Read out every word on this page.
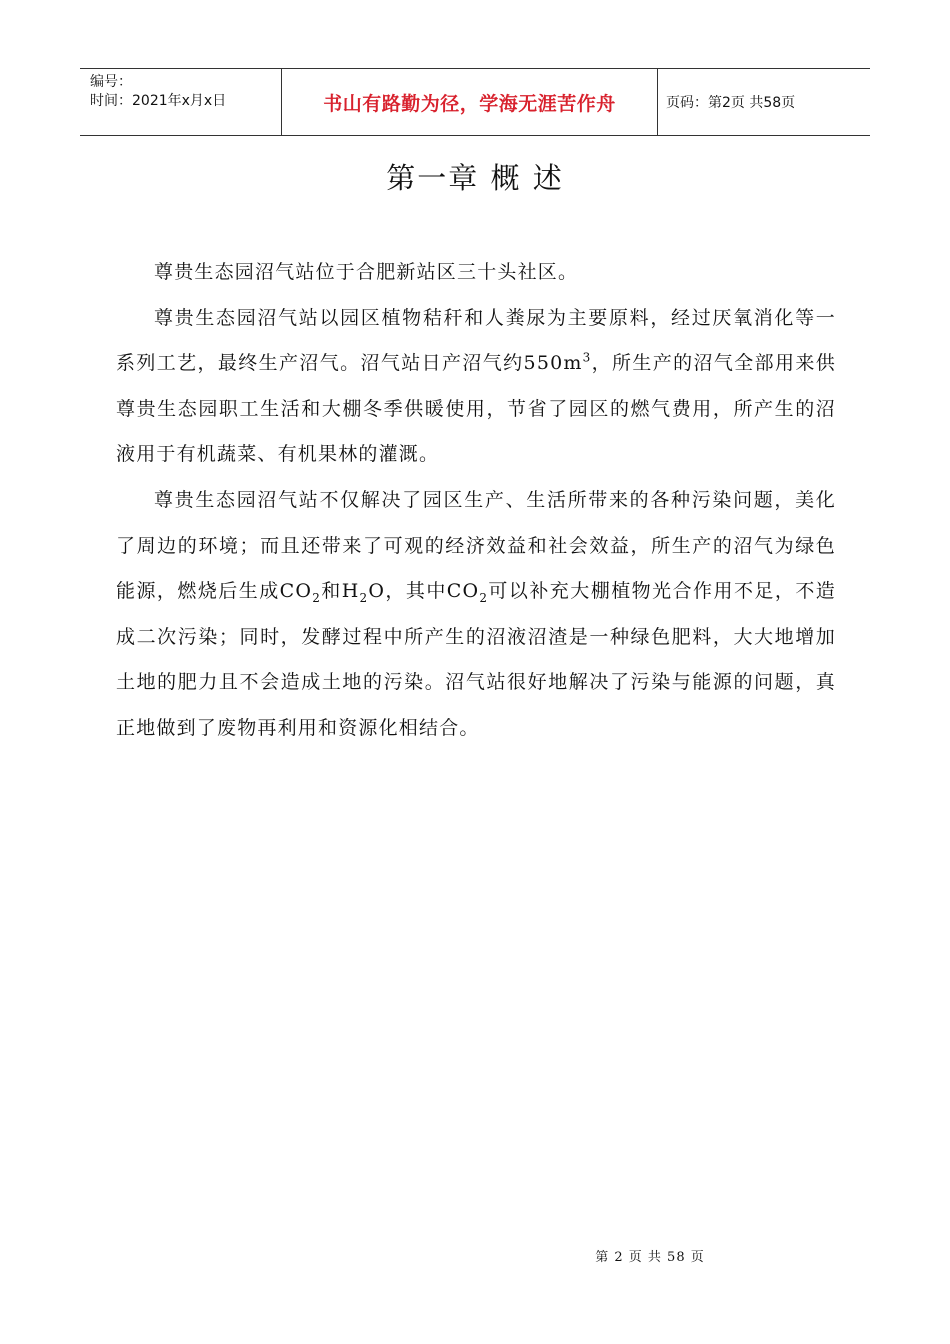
编号：
时间：2021年x月x日	书山有路勤为径，学海无涯苦作舟	页码：第2页 共58页
第一章 概 述

尊贵生态园沼气站位于合肥新站区三十头社区。

尊贵生态园沼气站以园区植物秸秆和人粪尿为主要原料，经过厌氧消化等一系列工艺，最终生产沼气。沼气站日产沼气约$550m^3$，所生产的沼气全部用来供尊贵生态园职工生活和大棚冬季供暖使用，节省了园区的燃气费用，所产生的沼液用于有机蔬菜、有机果林的灌溉。

尊贵生态园沼气站不仅解决了园区生产、生活所带来的各种污染问题，美化了周边的环境；而且还带来了可观的经济效益和社会效益，所生产的沼气为绿色能源，燃烧后生成$CO_2$和$H_2O$，其中$CO_2$可以补充大棚植物光合作用不足，不造成二次污染；同时，发酵过程中所产生的沼液沼渣是一种绿色肥料，大大地增加土地的肥力且不会造成土地的污染。沼气站很好地解决了污染与能源的问题，真正地做到了废物再利用和资源化相结合。

第 2 页 共 58 页
